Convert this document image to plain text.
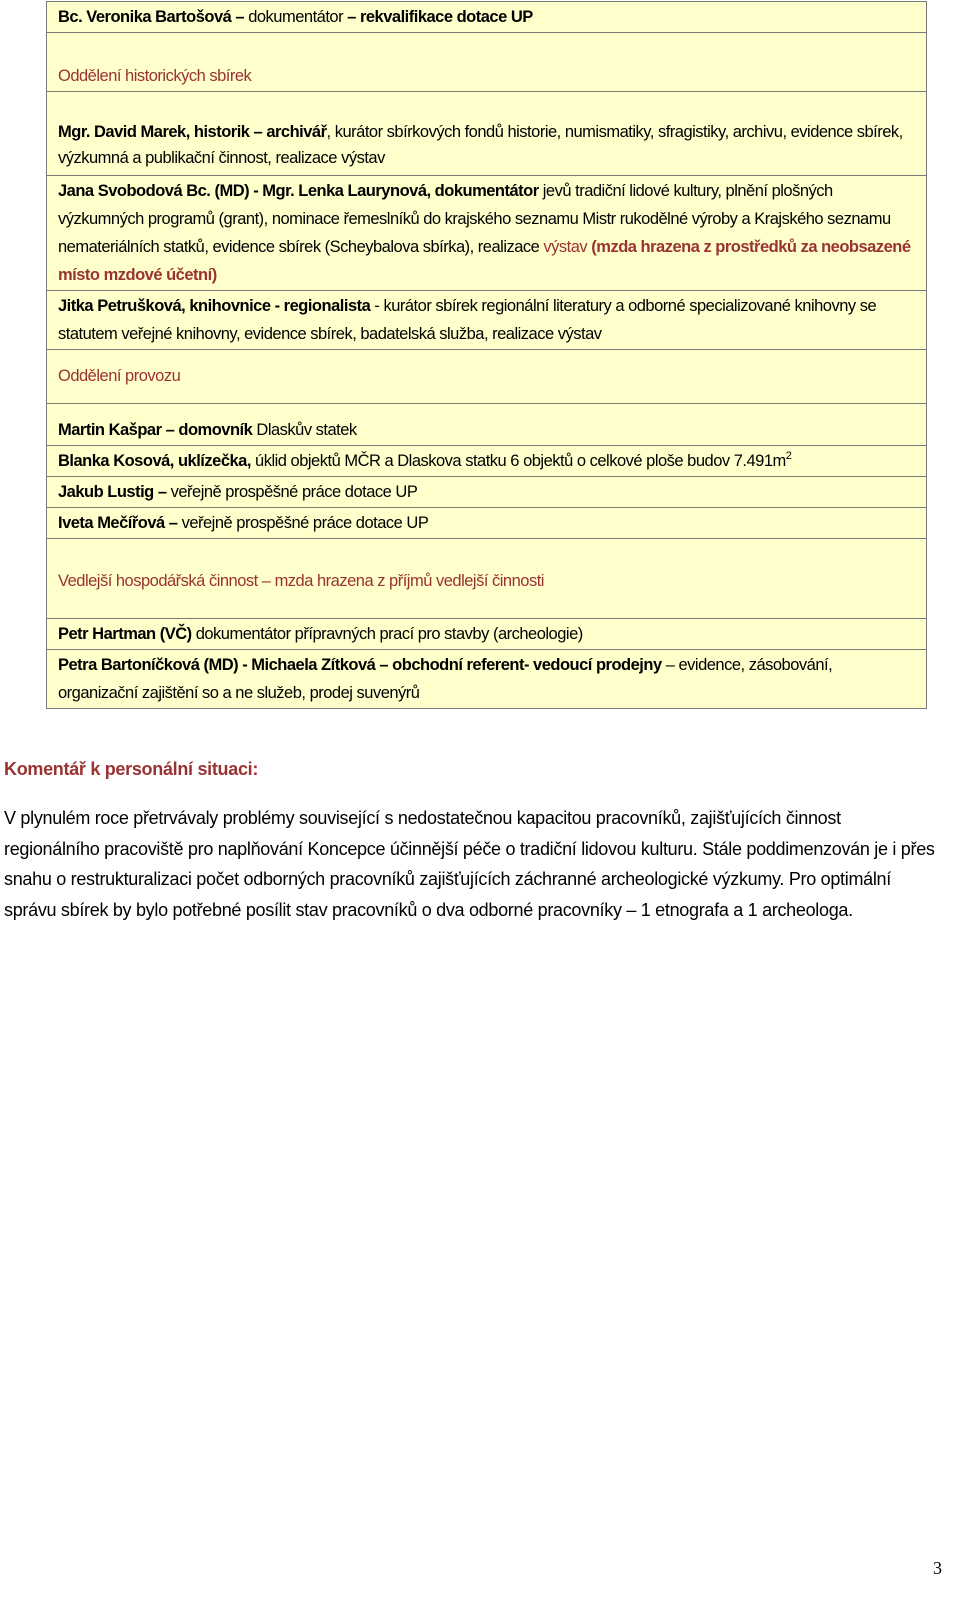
Bc. Veronika Bartošová – dokumentátor – rekvalifikace dotace UP
Oddělení historických sbírek

Mgr. David Marek, historik – archivář, kurátor sbírkových fondů historie, numismatiky, sfragistiky, archivu, evidence sbírek, výzkumná a publikační činnost, realizace výstav

Jana Svobodová Bc. (MD) - Mgr. Lenka Laurynová, dokumentátor jevů tradiční lidové kultury, plnění plošných výzkumných programů (grant), nominace řemeslníků do krajského seznamu Mistr rukodělné výroby a Krajského seznamu nemateriálních statků, evidence sbírek (Scheybalova sbírka), realizace výstav (mzda hrazena z prostředků za neobsazené místo mzdové účetní)
Jitka Petrušková, knihovnice - regionalista - kurátor sbírek regionální literatury a odborné specializované knihovny se statutem veřejné knihovny, evidence sbírek, badatelská služba, realizace výstav
Oddělení provozu
Martin Kašpar – domovník Dlaskův statek
Blanka Kosová, uklízečka, úklid objektů MČR a Dlaskova statku 6 objektů o celkové ploše budov $7.491m^2$
Jakub Lustig – veřejně prospěšné práce dotace UP
Iveta Mečířová – veřejně prospěšné práce dotace UP
Vedlejší hospodářská činnost – mzda hrazena z příjmů vedlejší činnosti
Petr Hartman (VČ) dokumentátor přípravných prací pro stavby (archeologie)
Petra Bartoníčková (MD) - Michaela Zítková – obchodní referent- vedoucí prodejny – evidence, zásobování, organizační zajištění so a ne služeb, prodej suvenýrů
Komentář k personální situaci:

V plynulém roce přetrvávaly problémy související s nedostatečnou kapacitou pracovníků, zajišťujících činnost regionálního pracoviště pro naplňování Koncepce účinnější péče o tradiční lidovou kulturu. Stále poddimenzován je i přes snahu o restrukturalizaci počet odborných pracovníků zajišťujících záchranné archeologické výzkumy. Pro optimální správu sbírek by bylo potřebné posílit stav pracovníků o dva odborné pracovníky – 1 etnografa a 1 archeologa.

3
